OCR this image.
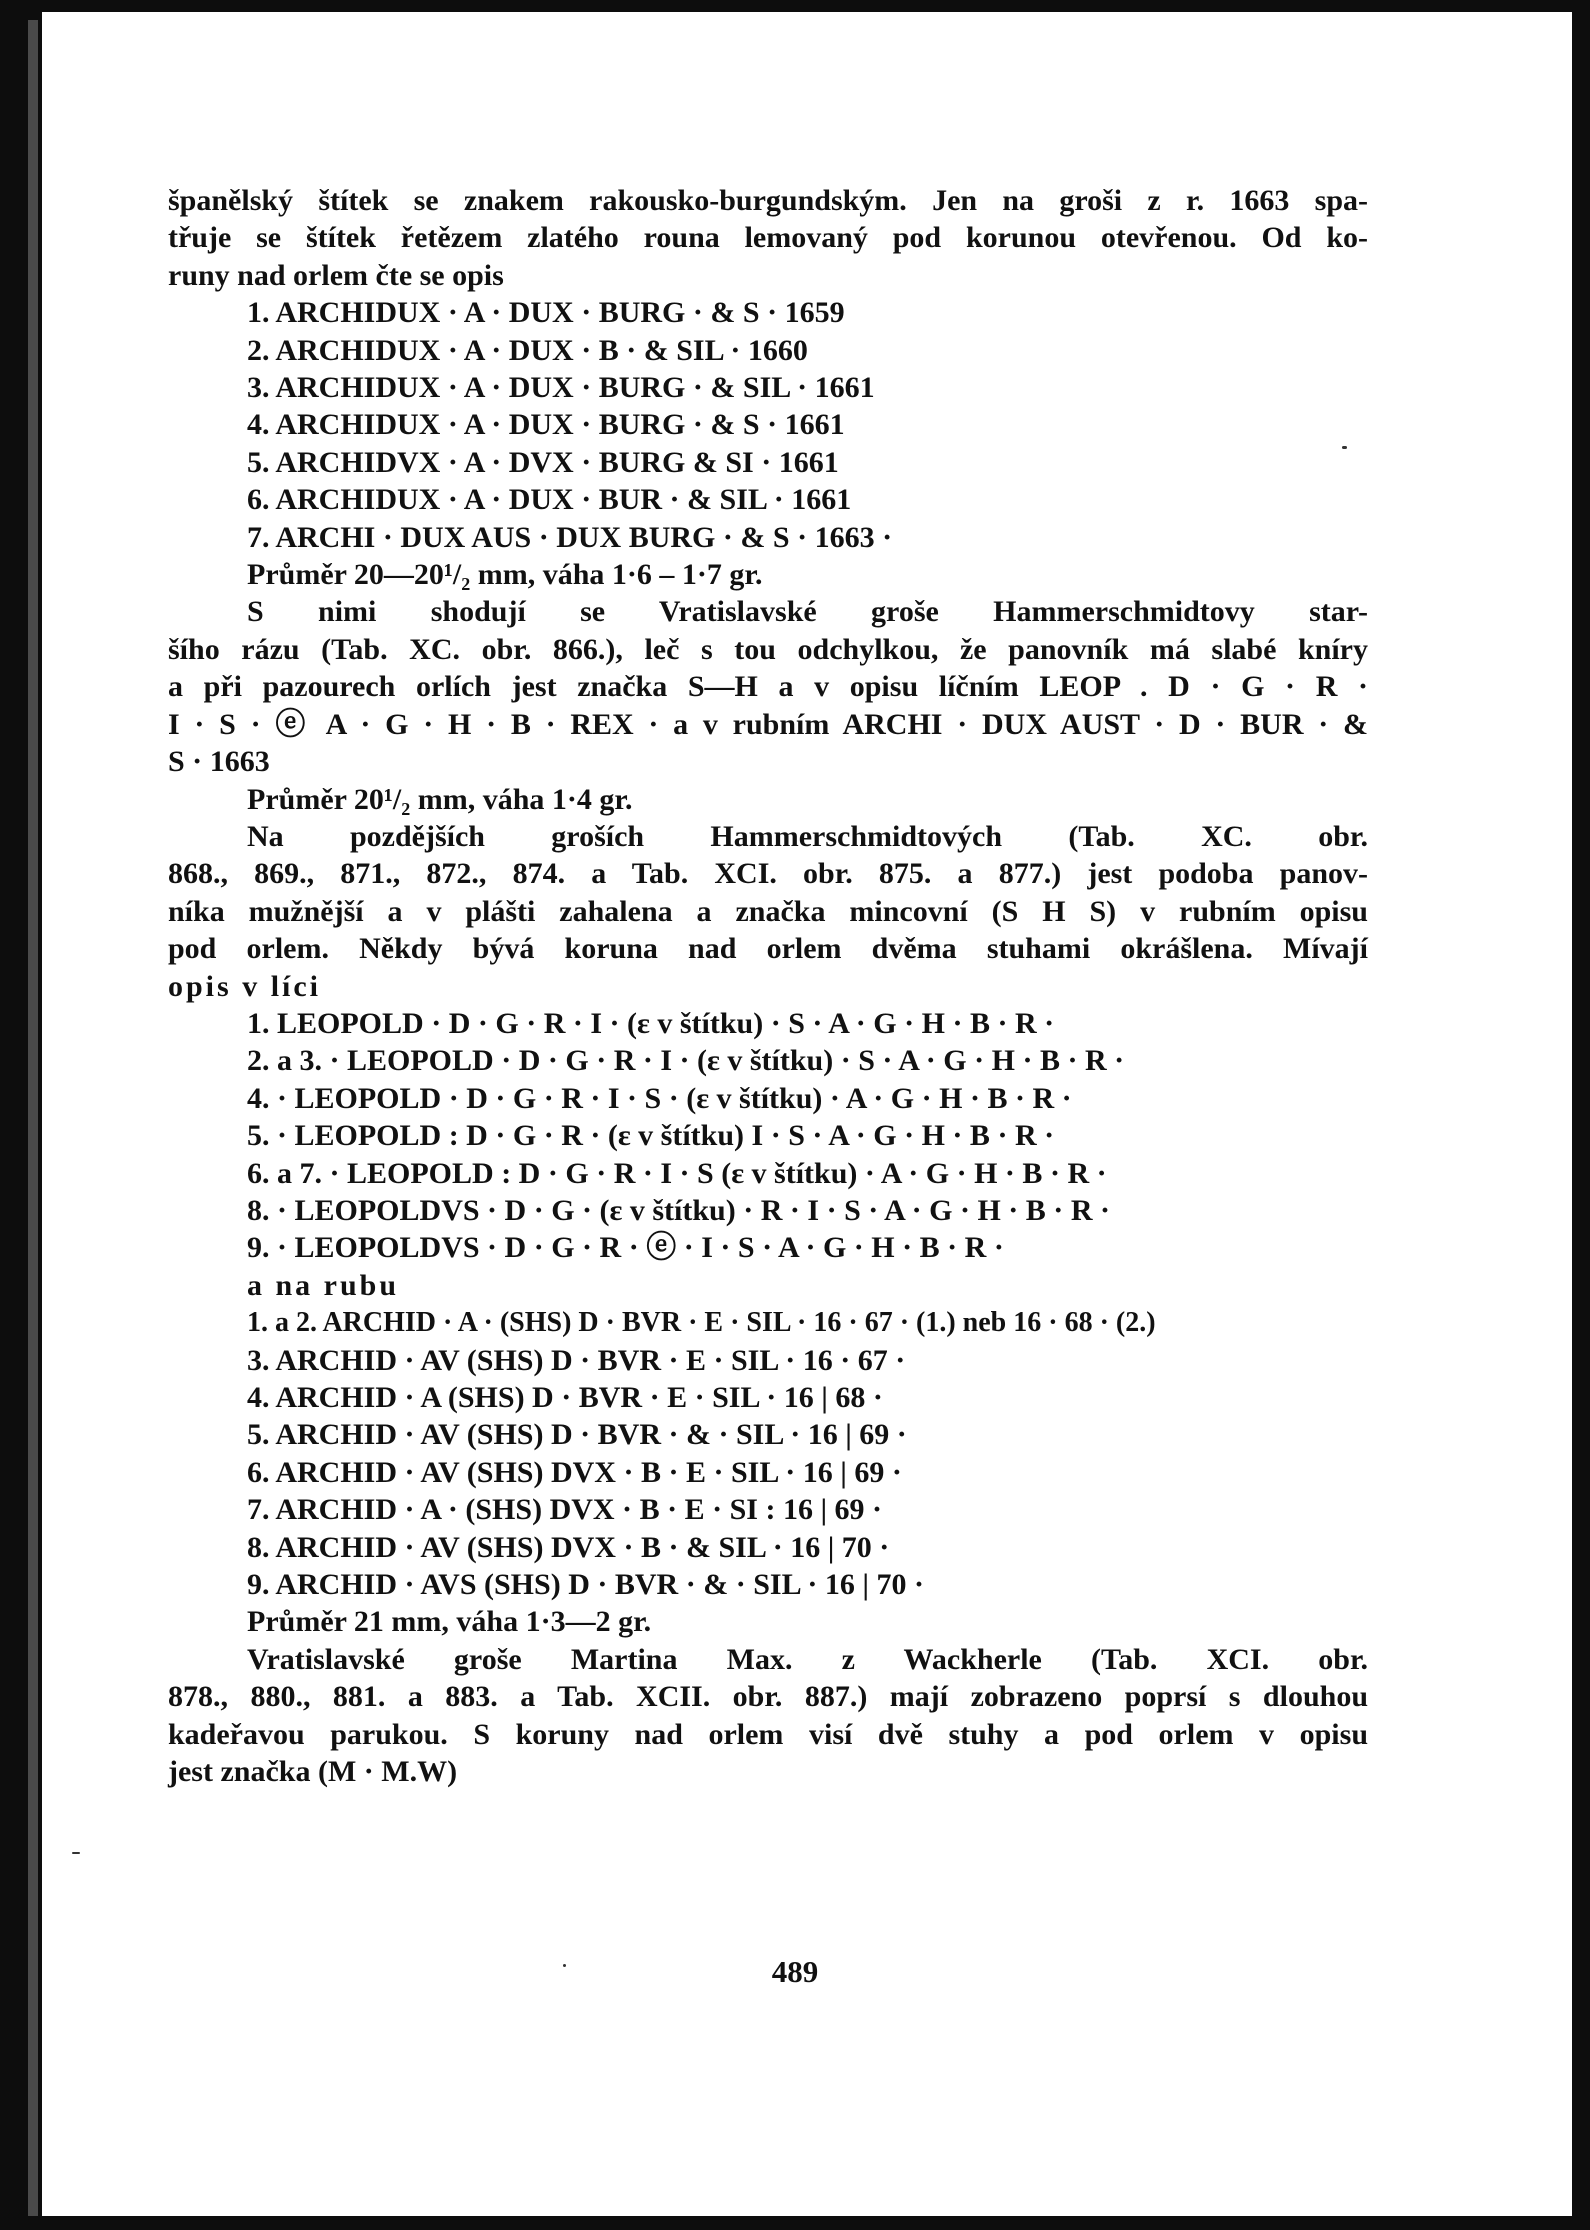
španělský štítek se znakem rakousko-burgundským. Jen na groši z r. 1663 spa-

třuje se štítek řetězem zlatého rouna lemovaný pod korunou otevřenou. Od ko-

runy nad orlem čte se opis

1. ARCHIDUX · A · DUX · BURG · & S · 1659

2. ARCHIDUX · A · DUX · B · & SIL · 1660

3. ARCHIDUX · A · DUX · BURG · & SIL · 1661

4. ARCHIDUX · A · DUX · BURG · & S · 1661

5. ARCHIDVX · A · DVX · BURG & SI · 1661

6. ARCHIDUX · A · DUX · BUR · & SIL · 1661

7. ARCHI · DUX AUS · DUX BURG · & S · 1663 ·

Průměr 20—20¹/₂ mm, váha 1·6 – 1·7 gr.

S nimi shodují se Vratislavské groše Hammerschmidtovy star-

šího rázu (Tab. XC. obr. 866.), leč s tou odchylkou, že panovník má slabé kníry

a při pazourech orlích jest značka S—H a v opisu líčním LEOP . D · G · R ·

I · S · ⓔ A · G · H · B · REX · a v rubním ARCHI · DUX AUST · D · BUR · &

S · 1663

Průměr 20¹/₂ mm, váha 1·4 gr.

Na pozdějších groších Hammerschmidtových (Tab. XC. obr.

868., 869., 871., 872., 874. a Tab. XCI. obr. 875. a 877.) jest podoba panov-

níka mužnější a v plášti zahalena a značka mincovní (S H S) v rubním opisu

pod orlem. Někdy bývá koruna nad orlem dvěma stuhami okrášlena. Mívají

opis v líci

1. LEOPOLD · D · G · R · I · (ɛ v štítku) · S · A · G · H · B · R ·

2. a 3. · LEOPOLD · D · G · R · I · (ɛ v štítku) · S · A · G · H · B · R ·

4. · LEOPOLD · D · G · R · I · S · (ɛ v štítku) · A · G · H · B · R ·

5. · LEOPOLD : D · G · R · (ɛ v štítku) I · S · A · G · H · B · R ·

6. a 7. · LEOPOLD : D · G · R · I · S (ɛ v štítku) · A · G · H · B · R ·

8. · LEOPOLDVS · D · G · (ɛ v štítku) · R · I · S · A · G · H · B · R ·

9. · LEOPOLDVS · D · G · R · ⓔ · I · S · A · G · H · B · R ·

a na rubu

1. a 2. ARCHID · A · (SHS) D · BVR · Е · SIL · 16 · 67 · (1.) neb 16 · 68 · (2.)

3. ARCHID · AV (SHS) D · BVR · Е · SIL · 16 · 67 ·

4. ARCHID · A (SHS) D · BVR · Е · SIL · 16 | 68 ·

5. ARCHID · AV (SHS) D · BVR · & · SIL · 16 | 69 ·

6. ARCHID · AV (SHS) DVX · B · Е · SIL · 16 | 69 ·

7. ARCHID · A · (SHS) DVX · B · Е · SI : 16 | 69 ·

8. ARCHID · AV (SHS) DVX · B · & SIL · 16 | 70 ·

9. ARCHID · AVS (SHS) D · BVR · & · SIL · 16 | 70 ·

Průměr 21 mm, váha 1·3—2 gr.

Vratislavské groše Martina Max. z Wackherle (Tab. XCI. obr.

878., 880., 881. a 883. a Tab. XCII. obr. 887.) mají zobrazeno poprsí s dlouhou

kadeřavou parukou. S koruny nad orlem visí dvě stuhy a pod orlem v opisu

jest značka (M · M.W)

489
